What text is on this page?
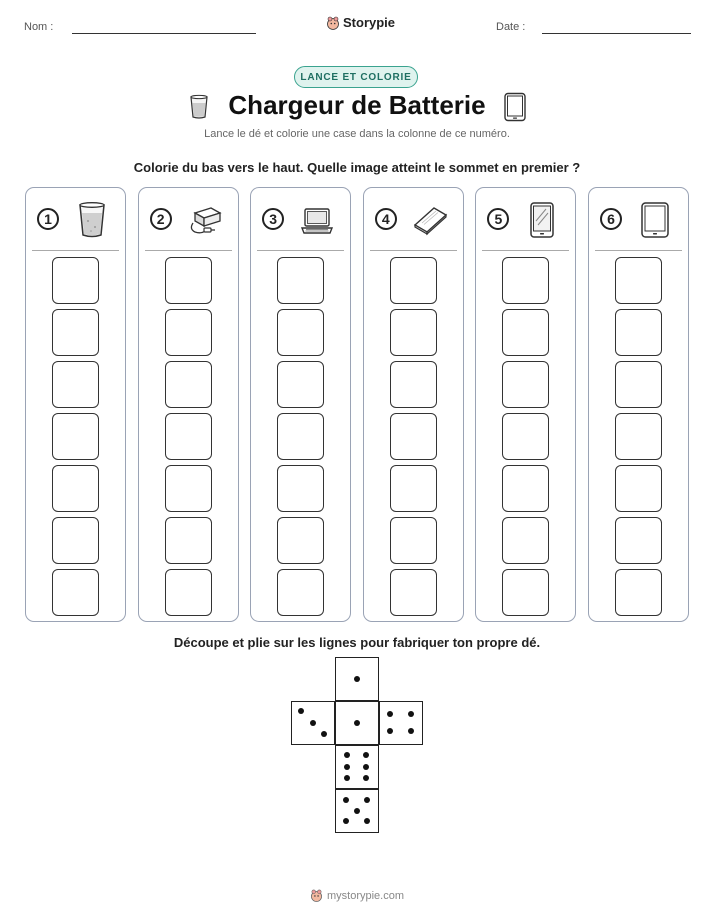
Nom :	Storypie	Date :
LANCE ET COLORIE
Chargeur de Batterie
Lance le dé et colorie une case dans la colonne de ce numéro.
Colorie du bas vers le haut. Quelle image atteint le sommet en premier ?
1	2	3	4	5	6
Découpe et plie sur les lignes pour fabriquer ton propre dé.
mystorypie.com
